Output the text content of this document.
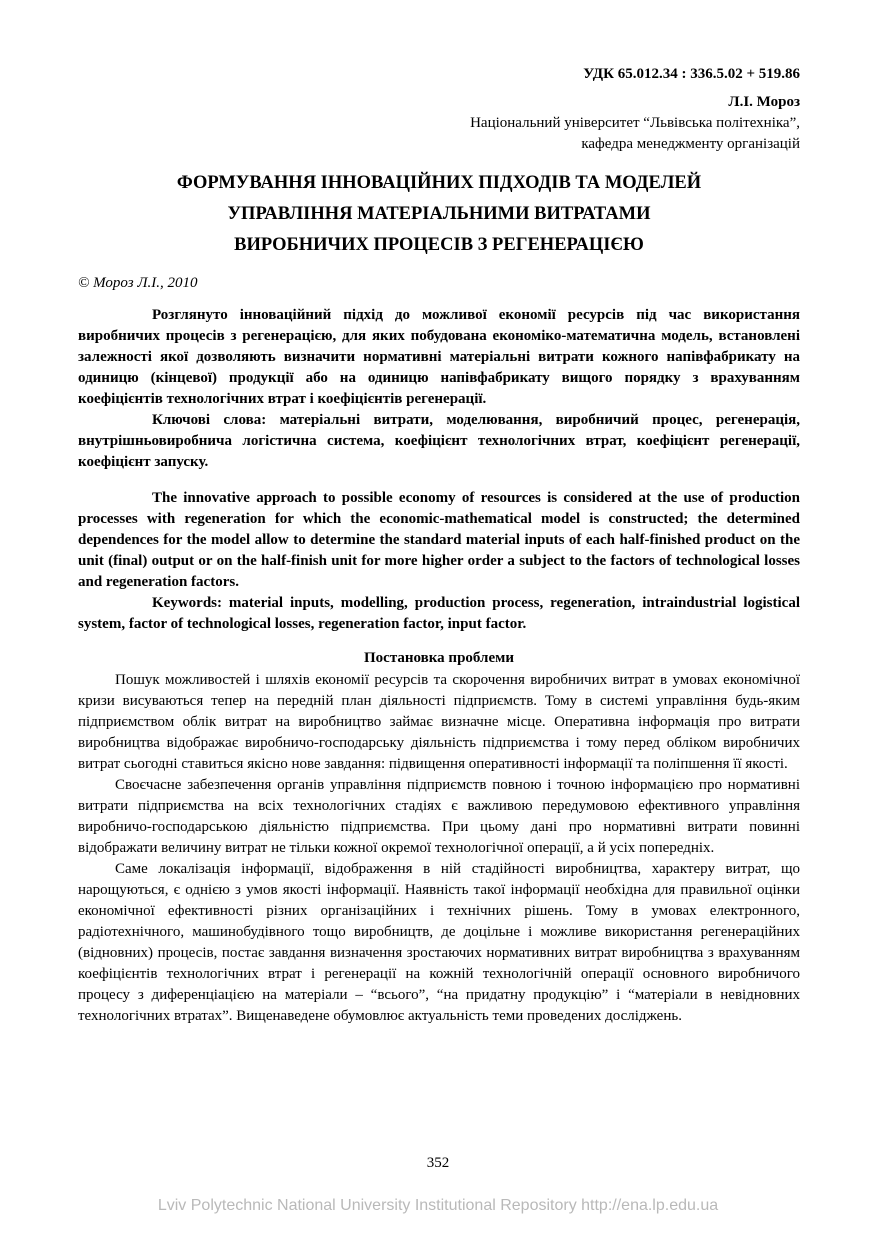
УДК 65.012.34 : 336.5.02 + 519.86
Л.І. Мороз
Національний університет “Львівська політехніка”,
кафедра менеджменту організацій
ФОРМУВАННЯ ІННОВАЦІЙНИХ ПІДХОДІВ ТА МОДЕЛЕЙ
УПРАВЛІННЯ МАТЕРІАЛЬНИМИ ВИТРАТАМИ
ВИРОБНИЧИХ ПРОЦЕСІВ З РЕГЕНЕРАЦІЄЮ
© Мороз Л.І., 2010

Розглянуто інноваційний підхід до можливої економії ресурсів під час використання виробничих процесів з регенерацією, для яких побудована економіко-математична модель, встановлені залежності якої дозволяють визначити нормативні матеріальні витрати кожного напівфабрикату на одиницю (кінцевої) продукції або на одиницю напівфабрикату вищого порядку з врахуванням коефіцієнтів технологічних втрат і коефіцієнтів регенерації.

Ключові слова: матеріальні витрати, моделювання, виробничий процес, регенерація, внутрішньовиробнича логістична система, коефіцієнт технологічних втрат, коефіцієнт регенерації, коефіцієнт запуску.

The innovative approach to possible economy of resources is considered at the use of production processes with regeneration for which the economic-mathematical model is constructed; the determined dependences for the model allow to determine the standard material inputs of each half-finished product on the unit (final) output or on the half-finish unit for more higher order a subject to the factors of technological losses and regeneration factors.

Keywords: material inputs, modelling, production process, regeneration, intraindustrial logistical system, factor of technological losses, regeneration factor, input factor.

Постановка проблеми

Пошук можливостей і шляхів економії ресурсів та скорочення виробничих витрат в умовах економічної кризи висуваються тепер на передній план діяльності підприємств. Тому в системі управління будь-яким підприємством облік витрат на виробництво займає визначне місце. Оперативна інформація про витрати виробництва відображає виробничо-господарську діяльність підприємства і тому перед обліком виробничих витрат сьогодні ставиться якісно нове завдання: підвищення оперативності інформації та поліпшення її якості.

Своєчасне забезпечення органів управління підприємств повною і точною інформацією про нормативні витрати підприємства на всіх технологічних стадіях є важливою передумовою ефективного управління виробничо-господарською діяльністю підприємства. При цьому дані про нормативні витрати повинні відображати величину витрат не тільки кожної окремої технологічної операції, а й усіх попередніх.

Саме локалізація інформації, відображення в ній стадійності виробництва, характеру витрат, що нарощуються, є однією з умов якості інформації. Наявність такої інформації необхідна для правильної оцінки економічної ефективності різних організаційних і технічних рішень. Тому в умовах електронного, радіотехнічного, машинобудівного тощо виробництв, де доцільне і можливе використання регенераційних (відновних) процесів, постає завдання визначення зростаючих нормативних витрат виробництва з врахуванням коефіцієнтів технологічних втрат і регенерації на кожній технологічній операції основного виробничого процесу з диференціацією на матеріали – “всього”, “на придатну продукцію” і “матеріали в невідновних технологічних втратах”. Вищенаведене обумовлює актуальність теми проведених досліджень.

352
Lviv Polytechnic National University Institutional Repository http://ena.lp.edu.ua
